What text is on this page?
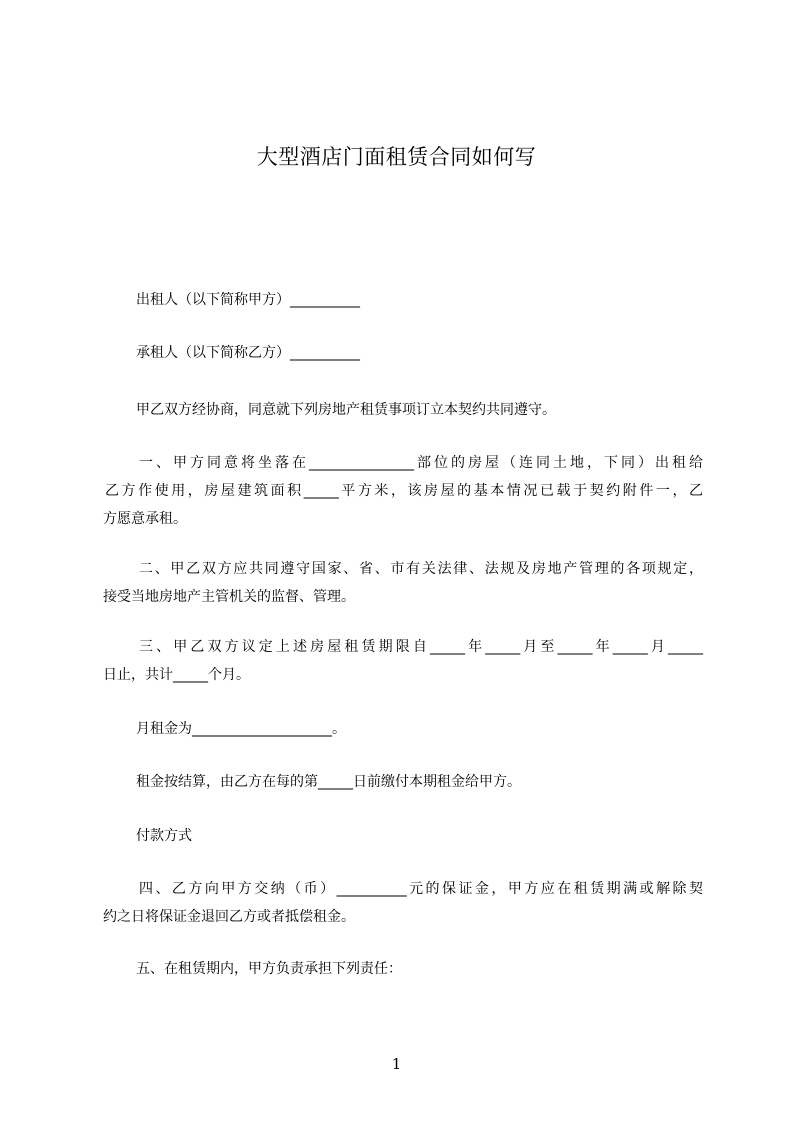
大型酒店门面租赁合同如何写

出租人（以下简称甲方）__________

承租人（以下简称乙方）__________

甲乙双方经协商，同意就下列房地产租赁事项订立本契约共同遵守。

一、甲方同意将坐落在_______________部位的房屋（连同土地，下同）出租给
乙方作使用，房屋建筑面积_____平方米，该房屋的基本情况已载于契约附件一，乙
方愿意承租。
二、甲乙双方应共同遵守国家、省、市有关法律、法规及房地产管理的各项规定，
接受当地房地产主管机关的监督、管理。
三、甲乙双方议定上述房屋租赁期限自_____年_____月至_____年_____月_____
日止，共计_____个月。

月租金为____________________。

租金按结算，由乙方在每的第_____日前缴付本期租金给甲方。

付款方式

四、乙方向甲方交纳（币）__________元的保证金，甲方应在租赁期满或解除契
约之日将保证金退回乙方或者抵偿租金。

五、在租赁期内，甲方负责承担下列责任：

1
